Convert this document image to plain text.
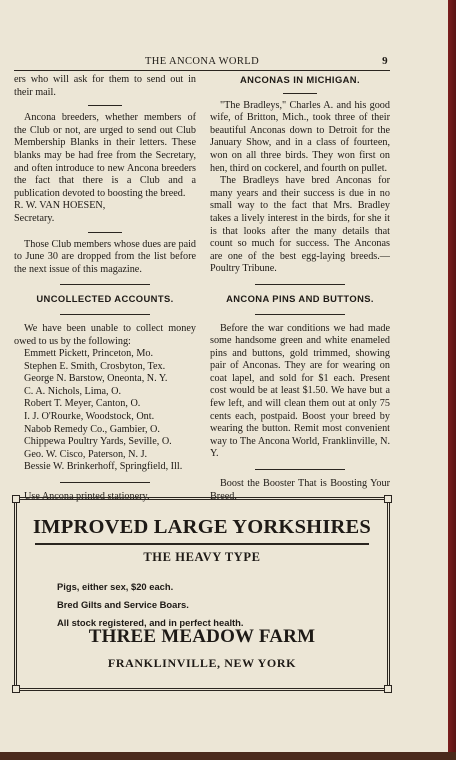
THE ANCONA WORLD	9

ers who will ask for them to send out in their mail.

Ancona breeders, whether members of the Club or not, are urged to send out Club Membership Blanks in their letters. These blanks may be had free from the Secretary, and often introduce to new Ancona breeders the fact that there is a Club and a publication devoted to boosting the breed.

R. W. VAN HOESEN,

Secretary.

Those Club members whose dues are paid to June 30 are dropped from the list before the next issue of this magazine.

UNCOLLECTED ACCOUNTS.

We have been unable to collect money owed to us by the following:

Emmett Pickett, Princeton, Mo.

Stephen E. Smith, Crosbyton, Tex.

George N. Barstow, Oneonta, N. Y.

C. A. Nichols, Lima, O.

Robert T. Meyer, Canton, O.

I. J. O'Rourke, Woodstock, Ont.

Nabob Remedy Co., Gambier, O.

Chippewa Poultry Yards, Seville, O.

Geo. W. Cisco, Paterson, N. J.

Bessie W. Brinkerhoff, Springfield, Ill.

Use Ancona printed stationery.

ANCONAS IN MICHIGAN.

"The Bradleys," Charles A. and his good wife, of Britton, Mich., took three of their beautiful Anconas down to Detroit for the January Show, and in a class of fourteen, won on all three birds. They won first on hen, third on cockerel, and fourth on pullet.

The Bradleys have bred Anconas for many years and their success is due in no small way to the fact that Mrs. Bradley takes a lively interest in the birds, for she it is that looks after the many details that count so much for success. The Anconas are one of the best egg-laying breeds.—Poultry Tribune.

ANCONA PINS AND BUTTONS.

Before the war conditions we had made some handsome green and white enameled pins and buttons, gold trimmed, showing pair of Anconas. They are for wearing on coat lapel, and sold for $1 each. Present cost would be at least $1.50. We have but a few left, and will clean them out at only 75 cents each, postpaid. Boost your breed by wearing the button. Remit most convenient way to The Ancona World, Franklinville, N. Y.

Boost the Booster That is Boosting Your Breed.

IMPROVED LARGE YORKSHIRES
THE HEAVY TYPE
Pigs, either sex, $20 each.
Bred Gilts and Service Boars.
All stock registered, and in perfect health.
THREE MEADOW FARM
FRANKLINVILLE, NEW YORK
